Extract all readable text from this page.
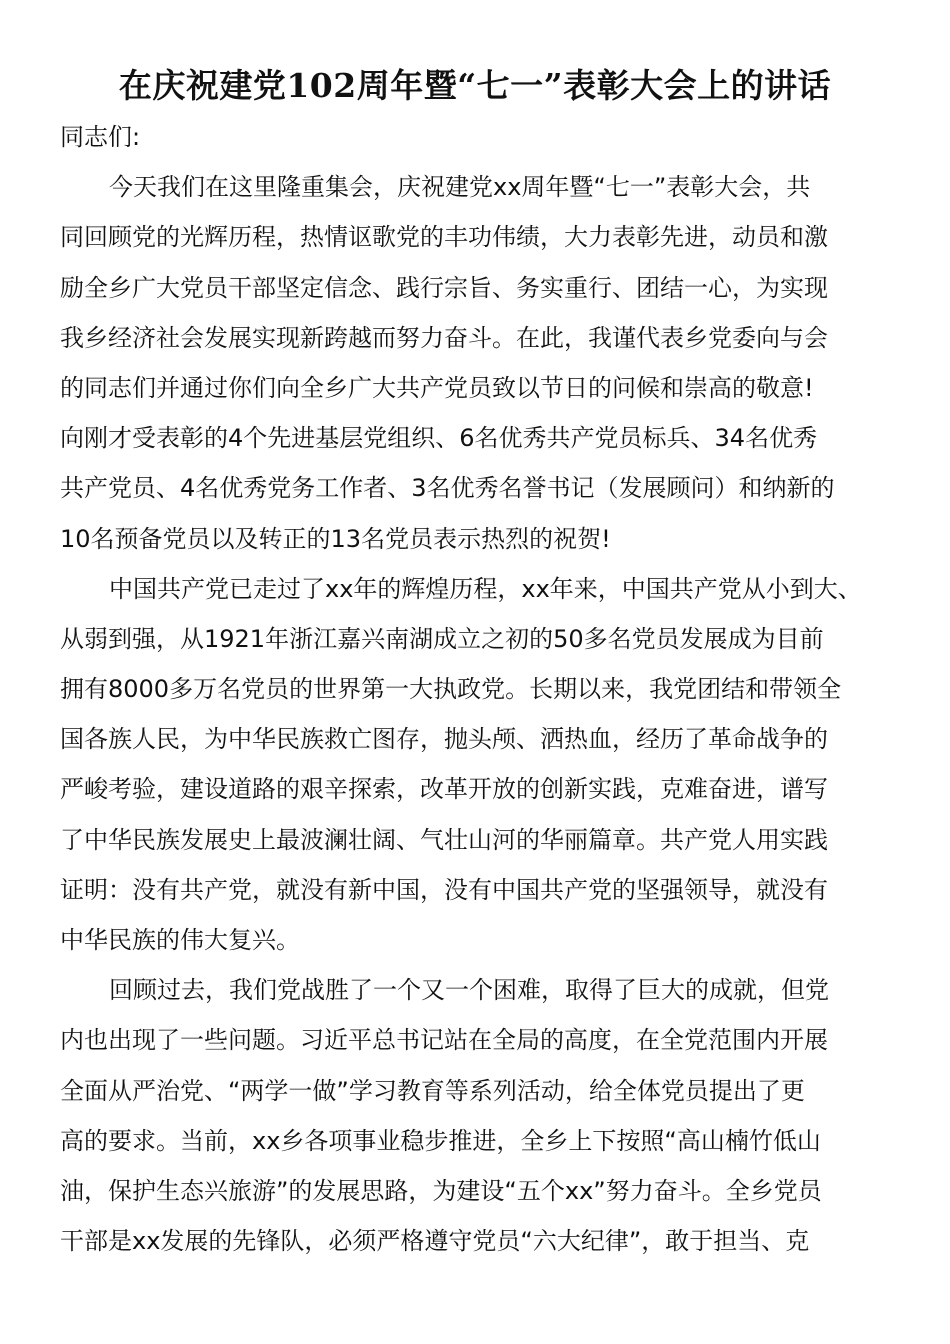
在庆祝建党102周年暨“七一”表彰大会上的讲话
同志们:
今天我们在这里隆重集会，庆祝建党xx周年暨“七一”表彰大会，共
同回顾党的光辉历程，热情讴歌党的丰功伟绩，大力表彰先进，动员和激
励全乡广大党员干部坚定信念、践行宗旨、务实重行、团结一心，为实现
我乡经济社会发展实现新跨越而努力奋斗。在此，我谨代表乡党委向与会
的同志们并通过你们向全乡广大共产党员致以节日的问候和崇高的敬意!
向刚才受表彰的4个先进基层党组织、6名优秀共产党员标兵、34名优秀
共产党员、4名优秀党务工作者、3名优秀名誉书记（发展顾问）和纳新的
10名预备党员以及转正的13名党员表示热烈的祝贺!
中国共产党已走过了xx年的辉煌历程，xx年来，中国共产党从小到大、
从弱到强，从1921年浙江嘉兴南湖成立之初的50多名党员发展成为目前
拥有8000多万名党员的世界第一大执政党。长期以来，我党团结和带领全
国各族人民，为中华民族救亡图存，抛头颅、洒热血，经历了革命战争的
严峻考验，建设道路的艰辛探索，改革开放的创新实践，克难奋进，谱写
了中华民族发展史上最波澜壮阔、气壮山河的华丽篇章。共产党人用实践
证明：没有共产党，就没有新中国，没有中国共产党的坚强领导，就没有
中华民族的伟大复兴。
回顾过去，我们党战胜了一个又一个困难，取得了巨大的成就，但党
内也出现了一些问题。习近平总书记站在全局的高度，在全党范围内开展
全面从严治党、“两学一做”学习教育等系列活动，给全体党员提出了更
高的要求。当前，xx乡各项事业稳步推进，全乡上下按照“高山楠竹低山
油，保护生态兴旅游”的发展思路，为建设“五个xx”努力奋斗。全乡党员
干部是xx发展的先锋队，必须严格遵守党员“六大纪律”，敢于担当、克
